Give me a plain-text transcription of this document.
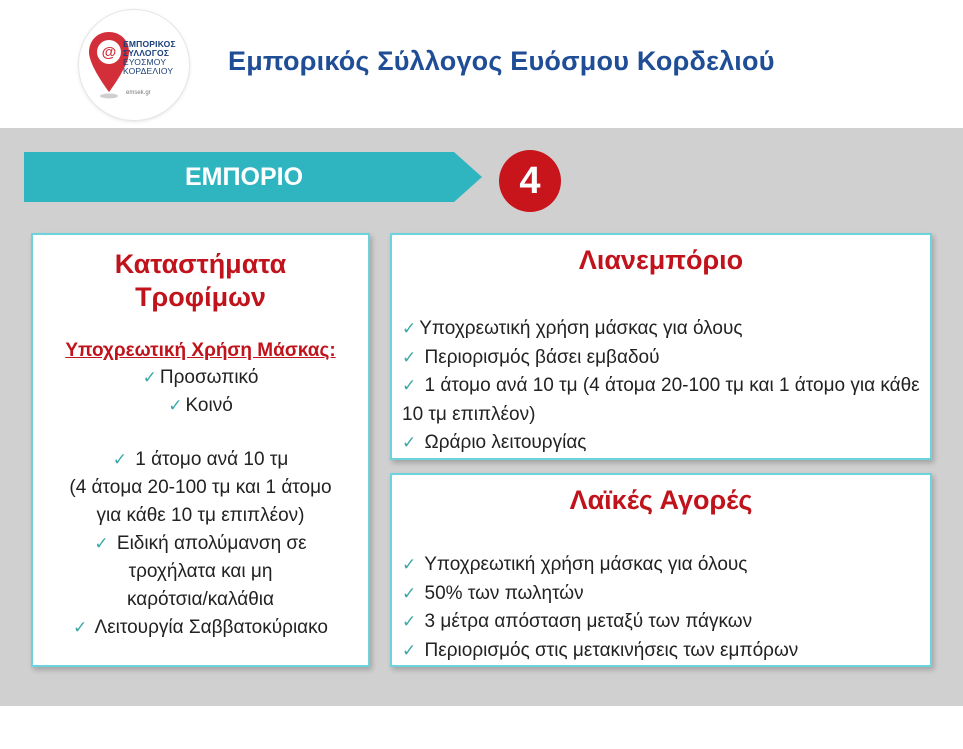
@ ΕΜΠΟΡΙΚΟΣ
ΣΥΛΛΟΓΟΣ
ΕΥΟΣΜΟΥ
ΚΟΡΔΕΛΙΟΥ
emsek.gr
Εμπορικός Σύλλογος Ευόσμου Κορδελιού
ΕΜΠΟΡΙΟ	4
Καταστήματα
Τροφίμων
Υποχρεωτική Χρήση Μάσκας:
✓ Προσωπικό
✓ Κοινό
✓ 1 άτομο ανά 10 τμ
(4 άτομα 20-100 τμ και 1 άτομο
για κάθε 10 τμ επιπλέον)
✓ Ειδική απολύμανση σε
τροχήλατα και μη
καρότσια/καλάθια
✓ Λειτουργία Σαββατοκύριακο
Λιανεμπόριο
✓ Υποχρεωτική χρήση μάσκας για όλους
✓ Περιορισμός βάσει εμβαδού
✓ 1 άτομο ανά 10 τμ (4 άτομα 20-100 τμ και 1 άτομο για κάθε 10 τμ επιπλέον)
✓ Ωράριο λειτουργίας
Λαϊκές Αγορές
✓ Υποχρεωτική χρήση μάσκας για όλους
✓ 50% των πωλητών
✓ 3 μέτρα απόσταση μεταξύ των πάγκων
✓ Περιορισμός στις μετακινήσεις των εμπόρων
